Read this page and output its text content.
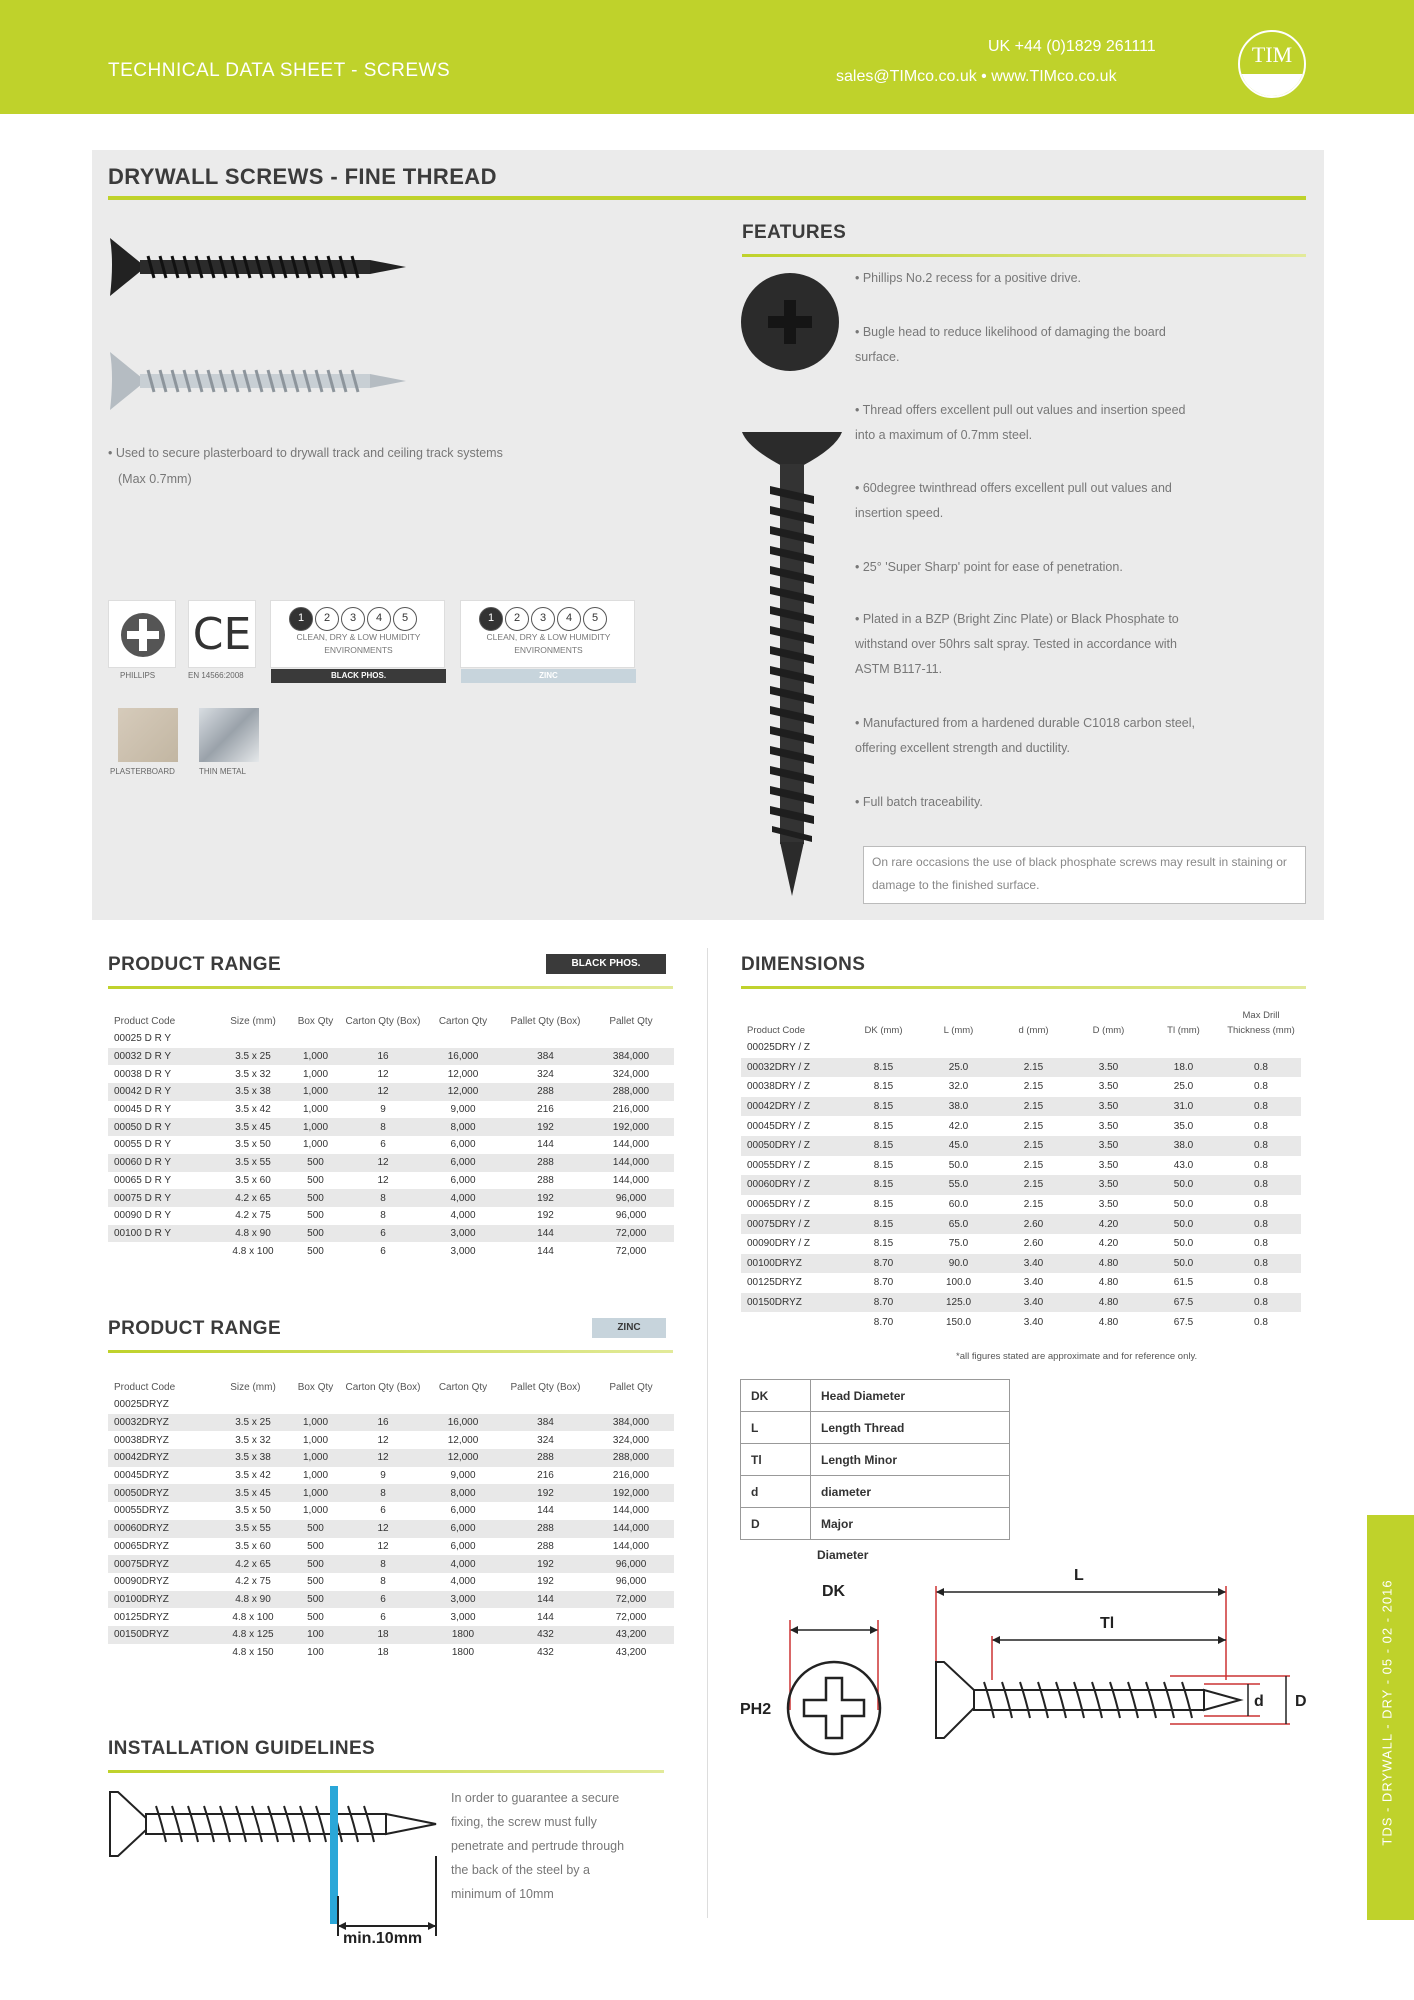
TECHNICAL DATA SHEET - SCREWS
UK +44 (0)1829 261111
sales@TIMco.co.uk • www.TIMco.co.uk
TIM
DRYWALL SCREWS - FINE THREAD
• Used to secure plasterboard to drywall track and ceiling track systems
(Max 0.7mm)
CE
PHILLIPS	EN 14566:2008
1 2 3 4 5
CLEAN, DRY & LOW HUMIDITY ENVIRONMENTS
BLACK PHOS.
1 2 3 4 5
CLEAN, DRY & LOW HUMIDITY ENVIRONMENTS
ZINC
PLASTERBOARD	THIN METAL
FEATURES
• Phillips No.2 recess for a positive drive.
• Bugle head to reduce likelihood of damaging the board surface.
• Thread offers excellent pull out values and insertion speed into a maximum of 0.7mm steel.
• 60degree twinthread offers excellent pull out values and insertion speed.
• 25° 'Super Sharp' point for ease of penetration.
• Plated in a BZP (Bright Zinc Plate) or Black Phosphate to withstand over 50hrs salt spray. Tested in accordance with ASTM B117-11.
• Manufactured from a hardened durable C1018 carbon steel, offering excellent strength and ductility.
• Full batch traceability.
On rare occasions the use of black phosphate screws may result in staining or damage to the finished surface.
PRODUCT RANGE	BLACK PHOS.
Product Code	Size (mm)	Box Qty	Carton Qty (Box)	Carton Qty	Pallet Qty (Box)	Pallet Qty
00025 D R Y						
00032 D R Y	3.5 x 25	1,000	16	16,000	384	384,000
00038 D R Y	3.5 x 32	1,000	12	12,000	324	324,000
00042 D R Y	3.5 x 38	1,000	12	12,000	288	288,000
00045 D R Y	3.5 x 42	1,000	9	9,000	216	216,000
00050 D R Y	3.5 x 45	1,000	8	8,000	192	192,000
00055 D R Y	3.5 x 50	1,000	6	6,000	144	144,000
00060 D R Y	3.5 x 55	500	12	6,000	288	144,000
00065 D R Y	3.5 x 60	500	12	6,000	288	144,000
00075 D R Y	4.2 x 65	500	8	4,000	192	96,000
00090 D R Y	4.2 x 75	500	8	4,000	192	96,000
00100 D R Y	4.8 x 90	500	6	3,000	144	72,000
	4.8 x 100	500	6	3,000	144	72,000
PRODUCT RANGE	ZINC
Product Code	Size (mm)	Box Qty	Carton Qty (Box)	Carton Qty	Pallet Qty (Box)	Pallet Qty
00025DRYZ						
00032DRYZ	3.5 x 25	1,000	16	16,000	384	384,000
00038DRYZ	3.5 x 32	1,000	12	12,000	324	324,000
00042DRYZ	3.5 x 38	1,000	12	12,000	288	288,000
00045DRYZ	3.5 x 42	1,000	9	9,000	216	216,000
00050DRYZ	3.5 x 45	1,000	8	8,000	192	192,000
00055DRYZ	3.5 x 50	1,000	6	6,000	144	144,000
00060DRYZ	3.5 x 55	500	12	6,000	288	144,000
00065DRYZ	3.5 x 60	500	12	6,000	288	144,000
00075DRYZ	4.2 x 65	500	8	4,000	192	96,000
00090DRYZ	4.2 x 75	500	8	4,000	192	96,000
00100DRYZ	4.8 x 90	500	6	3,000	144	72,000
00125DRYZ	4.8 x 100	500	6	3,000	144	72,000
00150DRYZ	4.8 x 125	100	18	1800	432	43,200
	4.8 x 150	100	18	1800	432	43,200
DIMENSIONS
Product Code	DK (mm)	L (mm)	d (mm)	D (mm)	Tl (mm)	Max Drill Thickness (mm)
00025DRY / Z						
00032DRY / Z	8.15	25.0	2.15	3.50	18.0	0.8
00038DRY / Z	8.15	32.0	2.15	3.50	25.0	0.8
00042DRY / Z	8.15	38.0	2.15	3.50	31.0	0.8
00045DRY / Z	8.15	42.0	2.15	3.50	35.0	0.8
00050DRY / Z	8.15	45.0	2.15	3.50	38.0	0.8
00055DRY / Z	8.15	50.0	2.15	3.50	43.0	0.8
00060DRY / Z	8.15	55.0	2.15	3.50	50.0	0.8
00065DRY / Z	8.15	60.0	2.15	3.50	50.0	0.8
00075DRY / Z	8.15	65.0	2.60	4.20	50.0	0.8
00090DRY / Z	8.15	75.0	2.60	4.20	50.0	0.8
00100DRYZ	8.70	90.0	3.40	4.80	50.0	0.8
00125DRYZ	8.70	100.0	3.40	4.80	61.5	0.8
00150DRYZ	8.70	125.0	3.40	4.80	67.5	0.8
	8.70	150.0	3.40	4.80	67.5	0.8
*all figures stated are approximate and for reference only.
DK	Head Diameter
L	Length Thread
Tl	Length Minor
d	diameter
D	Major
Diameter
DK
PH2
L
Tl
d D
INSTALLATION GUIDELINES
min.10mm
In order to guarantee a secure fixing, the screw must fully penetrate and pertrude through the back of the steel by a minimum of 10mm
TDS - DRYWALL - DRY - 05 - 02 - 2016
